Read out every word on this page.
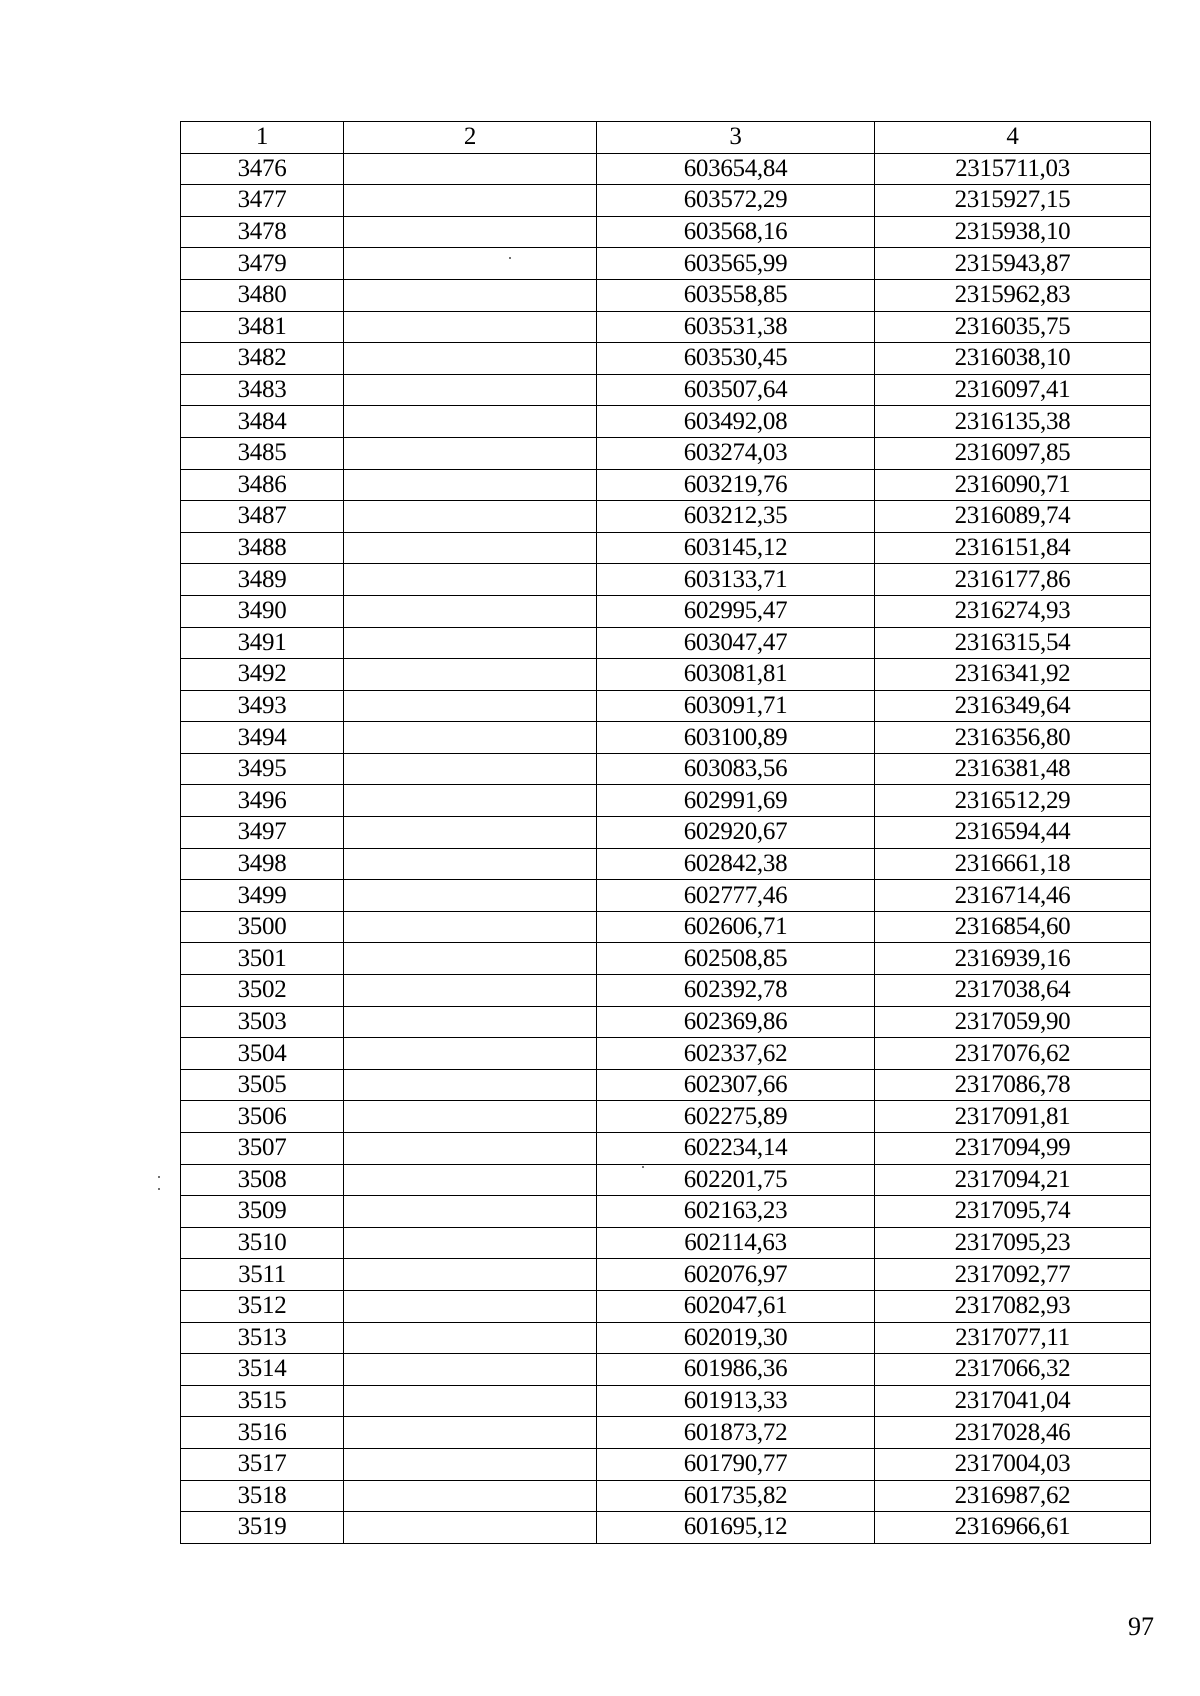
1	2	3	4
3476		603654,84	2315711,03
3477		603572,29	2315927,15
3478		603568,16	2315938,10
3479		603565,99	2315943,87
3480		603558,85	2315962,83
3481		603531,38	2316035,75
3482		603530,45	2316038,10
3483		603507,64	2316097,41
3484		603492,08	2316135,38
3485		603274,03	2316097,85
3486		603219,76	2316090,71
3487		603212,35	2316089,74
3488		603145,12	2316151,84
3489		603133,71	2316177,86
3490		602995,47	2316274,93
3491		603047,47	2316315,54
3492		603081,81	2316341,92
3493		603091,71	2316349,64
3494		603100,89	2316356,80
3495		603083,56	2316381,48
3496		602991,69	2316512,29
3497		602920,67	2316594,44
3498		602842,38	2316661,18
3499		602777,46	2316714,46
3500		602606,71	2316854,60
3501		602508,85	2316939,16
3502		602392,78	2317038,64
3503		602369,86	2317059,90
3504		602337,62	2317076,62
3505		602307,66	2317086,78
3506		602275,89	2317091,81
3507		602234,14	2317094,99
3508		602201,75	2317094,21
3509		602163,23	2317095,74
3510		602114,63	2317095,23
3511		602076,97	2317092,77
3512		602047,61	2317082,93
3513		602019,30	2317077,11
3514		601986,36	2317066,32
3515		601913,33	2317041,04
3516		601873,72	2317028,46
3517		601790,77	2317004,03
3518		601735,82	2316987,62
3519		601695,12	2316966,61
97
